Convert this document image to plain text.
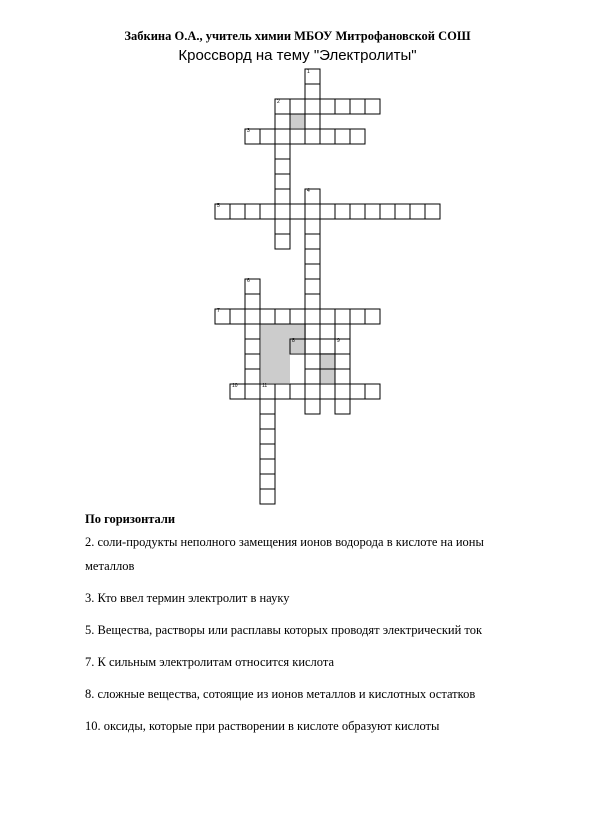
Забкина О.А., учитель химии МБОУ Митрофановской СОШ
Кроссворд на тему "Электролиты"
1
2
3
4
5
6
7
8	9
10	11
По горизонтали

2. соли-продукты неполного замещения ионов водорода в кислоте на ионы металлов

3. Кто ввел термин электролит в науку

5. Вещества, растворы или расплавы которых проводят электрический ток

7. К сильным электролитам относится кислота

8. сложные вещества, сотоящие из ионов металлов и кислотных остатков

10. оксиды, которые при растворении в кислоте образуют кислоты
